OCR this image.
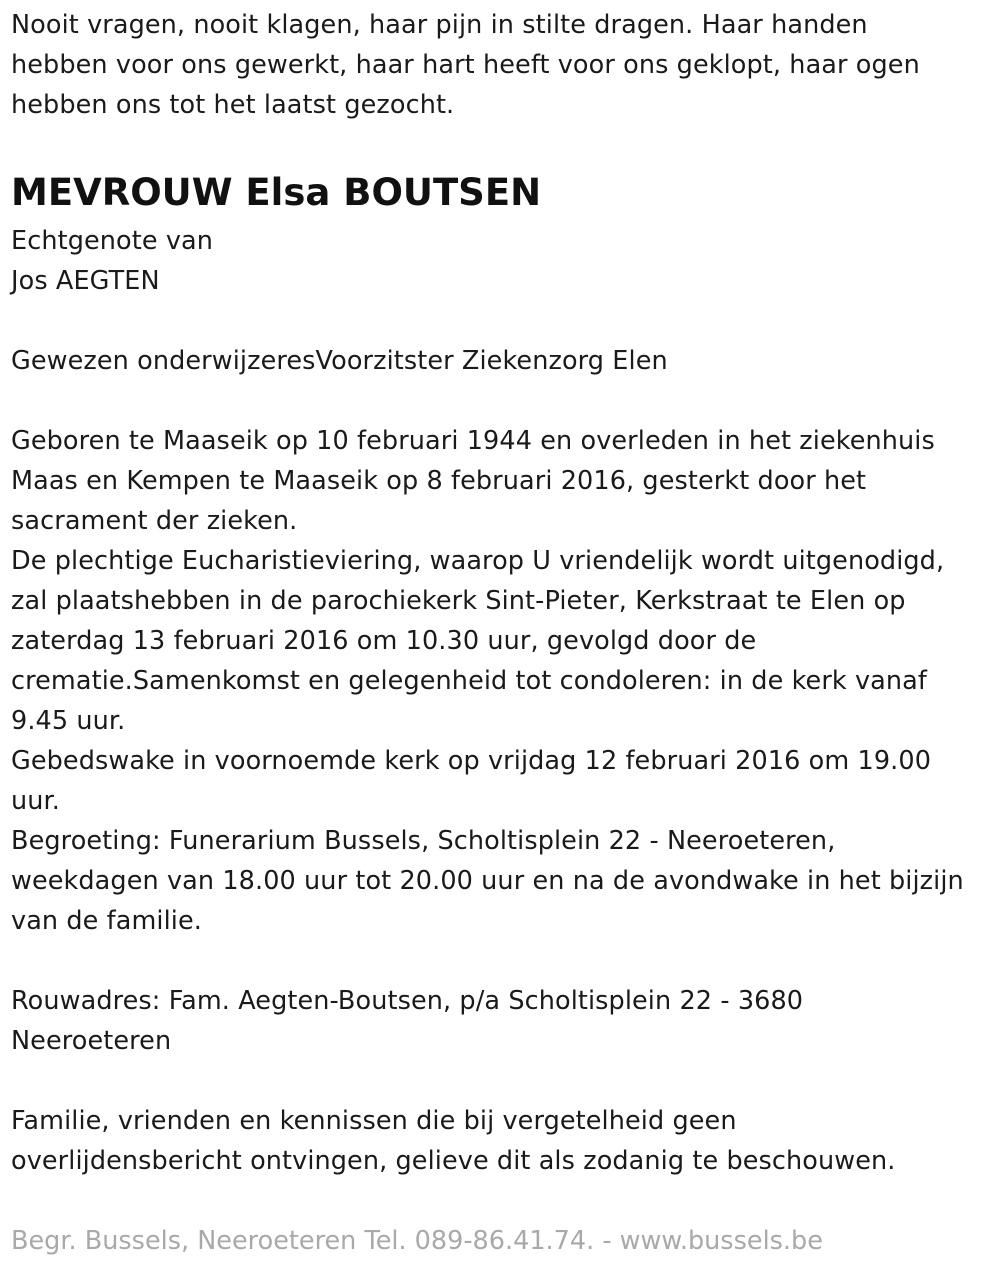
Nooit vragen, nooit klagen, haar pijn in stilte dragen. Haar handen
hebben voor ons gewerkt, haar hart heeft voor ons geklopt, haar ogen
hebben ons tot het laatst gezocht.
MEVROUW Elsa BOUTSEN
Echtgenote van
Jos AEGTEN
Gewezen onderwijzeresVoorzitster Ziekenzorg Elen
Geboren te Maaseik op 10 februari 1944 en overleden in het ziekenhuis
Maas en Kempen te Maaseik op 8 februari 2016, gesterkt door het
sacrament der zieken.
De plechtige Eucharistieviering, waarop U vriendelijk wordt uitgenodigd,
zal plaatshebben in de parochiekerk Sint-Pieter, Kerkstraat te Elen op
zaterdag 13 februari 2016 om 10.30 uur, gevolgd door de
crematie.Samenkomst en gelegenheid tot condoleren: in de kerk vanaf
9.45 uur.
Gebedswake in voornoemde kerk op vrijdag 12 februari 2016 om 19.00
uur.
Begroeting: Funerarium Bussels, Scholtisplein 22 - Neeroeteren,
weekdagen van 18.00 uur tot 20.00 uur en na de avondwake in het bijzijn
van de familie.
Rouwadres: Fam. Aegten-Boutsen, p/a Scholtisplein 22 - 3680
Neeroeteren
Familie, vrienden en kennissen die bij vergetelheid geen
overlijdensbericht ontvingen, gelieve dit als zodanig te beschouwen.
Begr. Bussels, Neeroeteren Tel. 089-86.41.74. - www.bussels.be
